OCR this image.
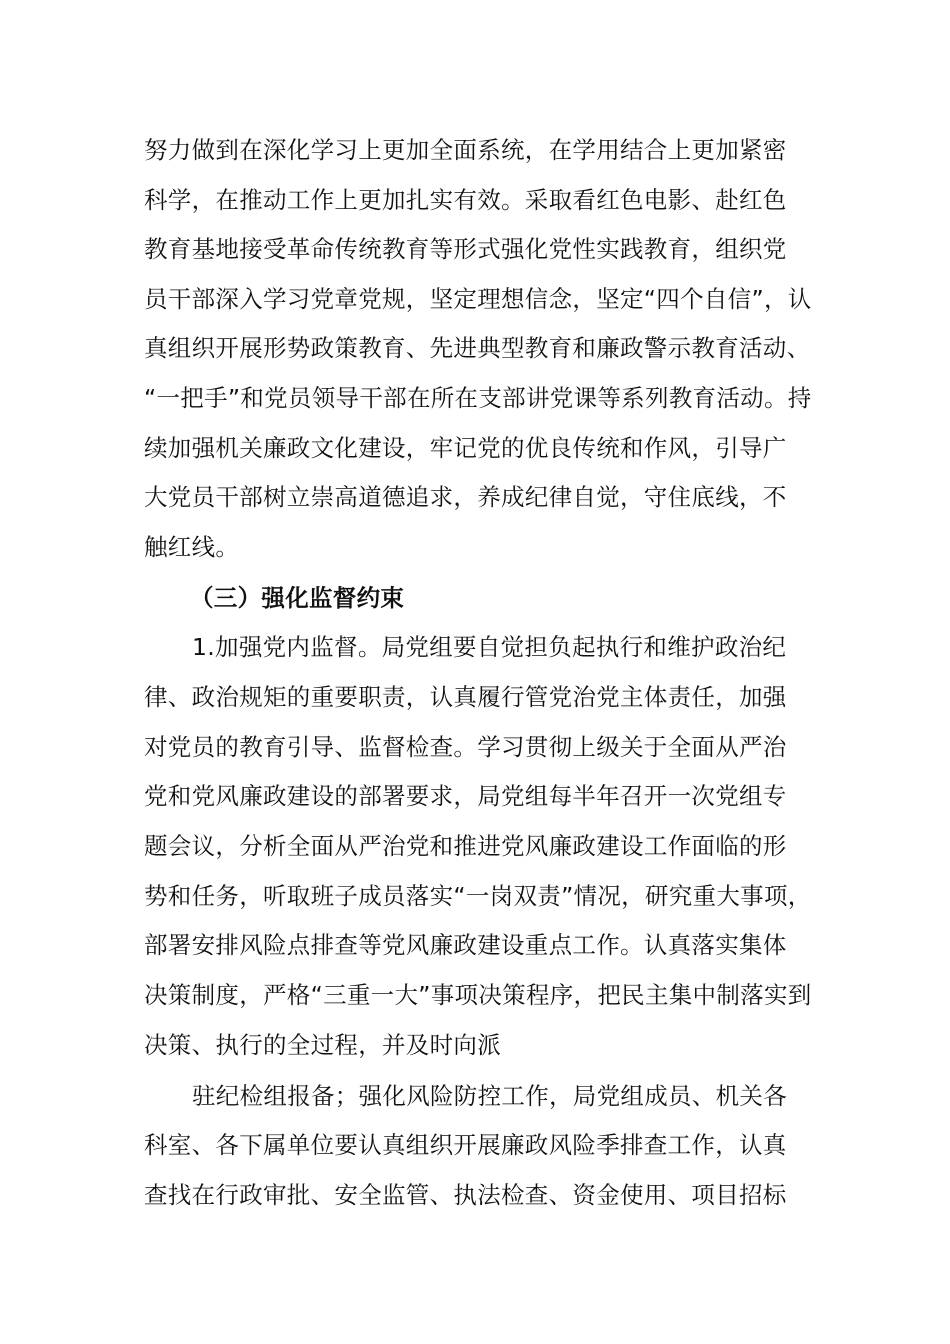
努力做到在深化学习上更加全面系统，在学用结合上更加紧密
科学，在推动工作上更加扎实有效。采取看红色电影、赴红色
教育基地接受革命传统教育等形式强化党性实践教育，组织党
员干部深入学习党章党规，坚定理想信念，坚定“四个自信”，认
真组织开展形势政策教育、先进典型教育和廉政警示教育活动、
“一把手”和党员领导干部在所在支部讲党课等系列教育活动。持
续加强机关廉政文化建设，牢记党的优良传统和作风，引导广
大党员干部树立崇高道德追求，养成纪律自觉，守住底线，不
触红线。
（三）强化监督约束
1.加强党内监督。局党组要自觉担负起执行和维护政治纪
律、政治规矩的重要职责，认真履行管党治党主体责任，加强
对党员的教育引导、监督检查。学习贯彻上级关于全面从严治
党和党风廉政建设的部署要求，局党组每半年召开一次党组专
题会议，分析全面从严治党和推进党风廉政建设工作面临的形
势和任务，听取班子成员落实“一岗双责”情况，研究重大事项，
部署安排风险点排查等党风廉政建设重点工作。认真落实集体
决策制度，严格“三重一大”事项决策程序，把民主集中制落实到
决策、执行的全过程，并及时向派
驻纪检组报备；强化风险防控工作，局党组成员、机关各
科室、各下属单位要认真组织开展廉政风险季排查工作，认真
查找在行政审批、安全监管、执法检查、资金使用、项目招标
